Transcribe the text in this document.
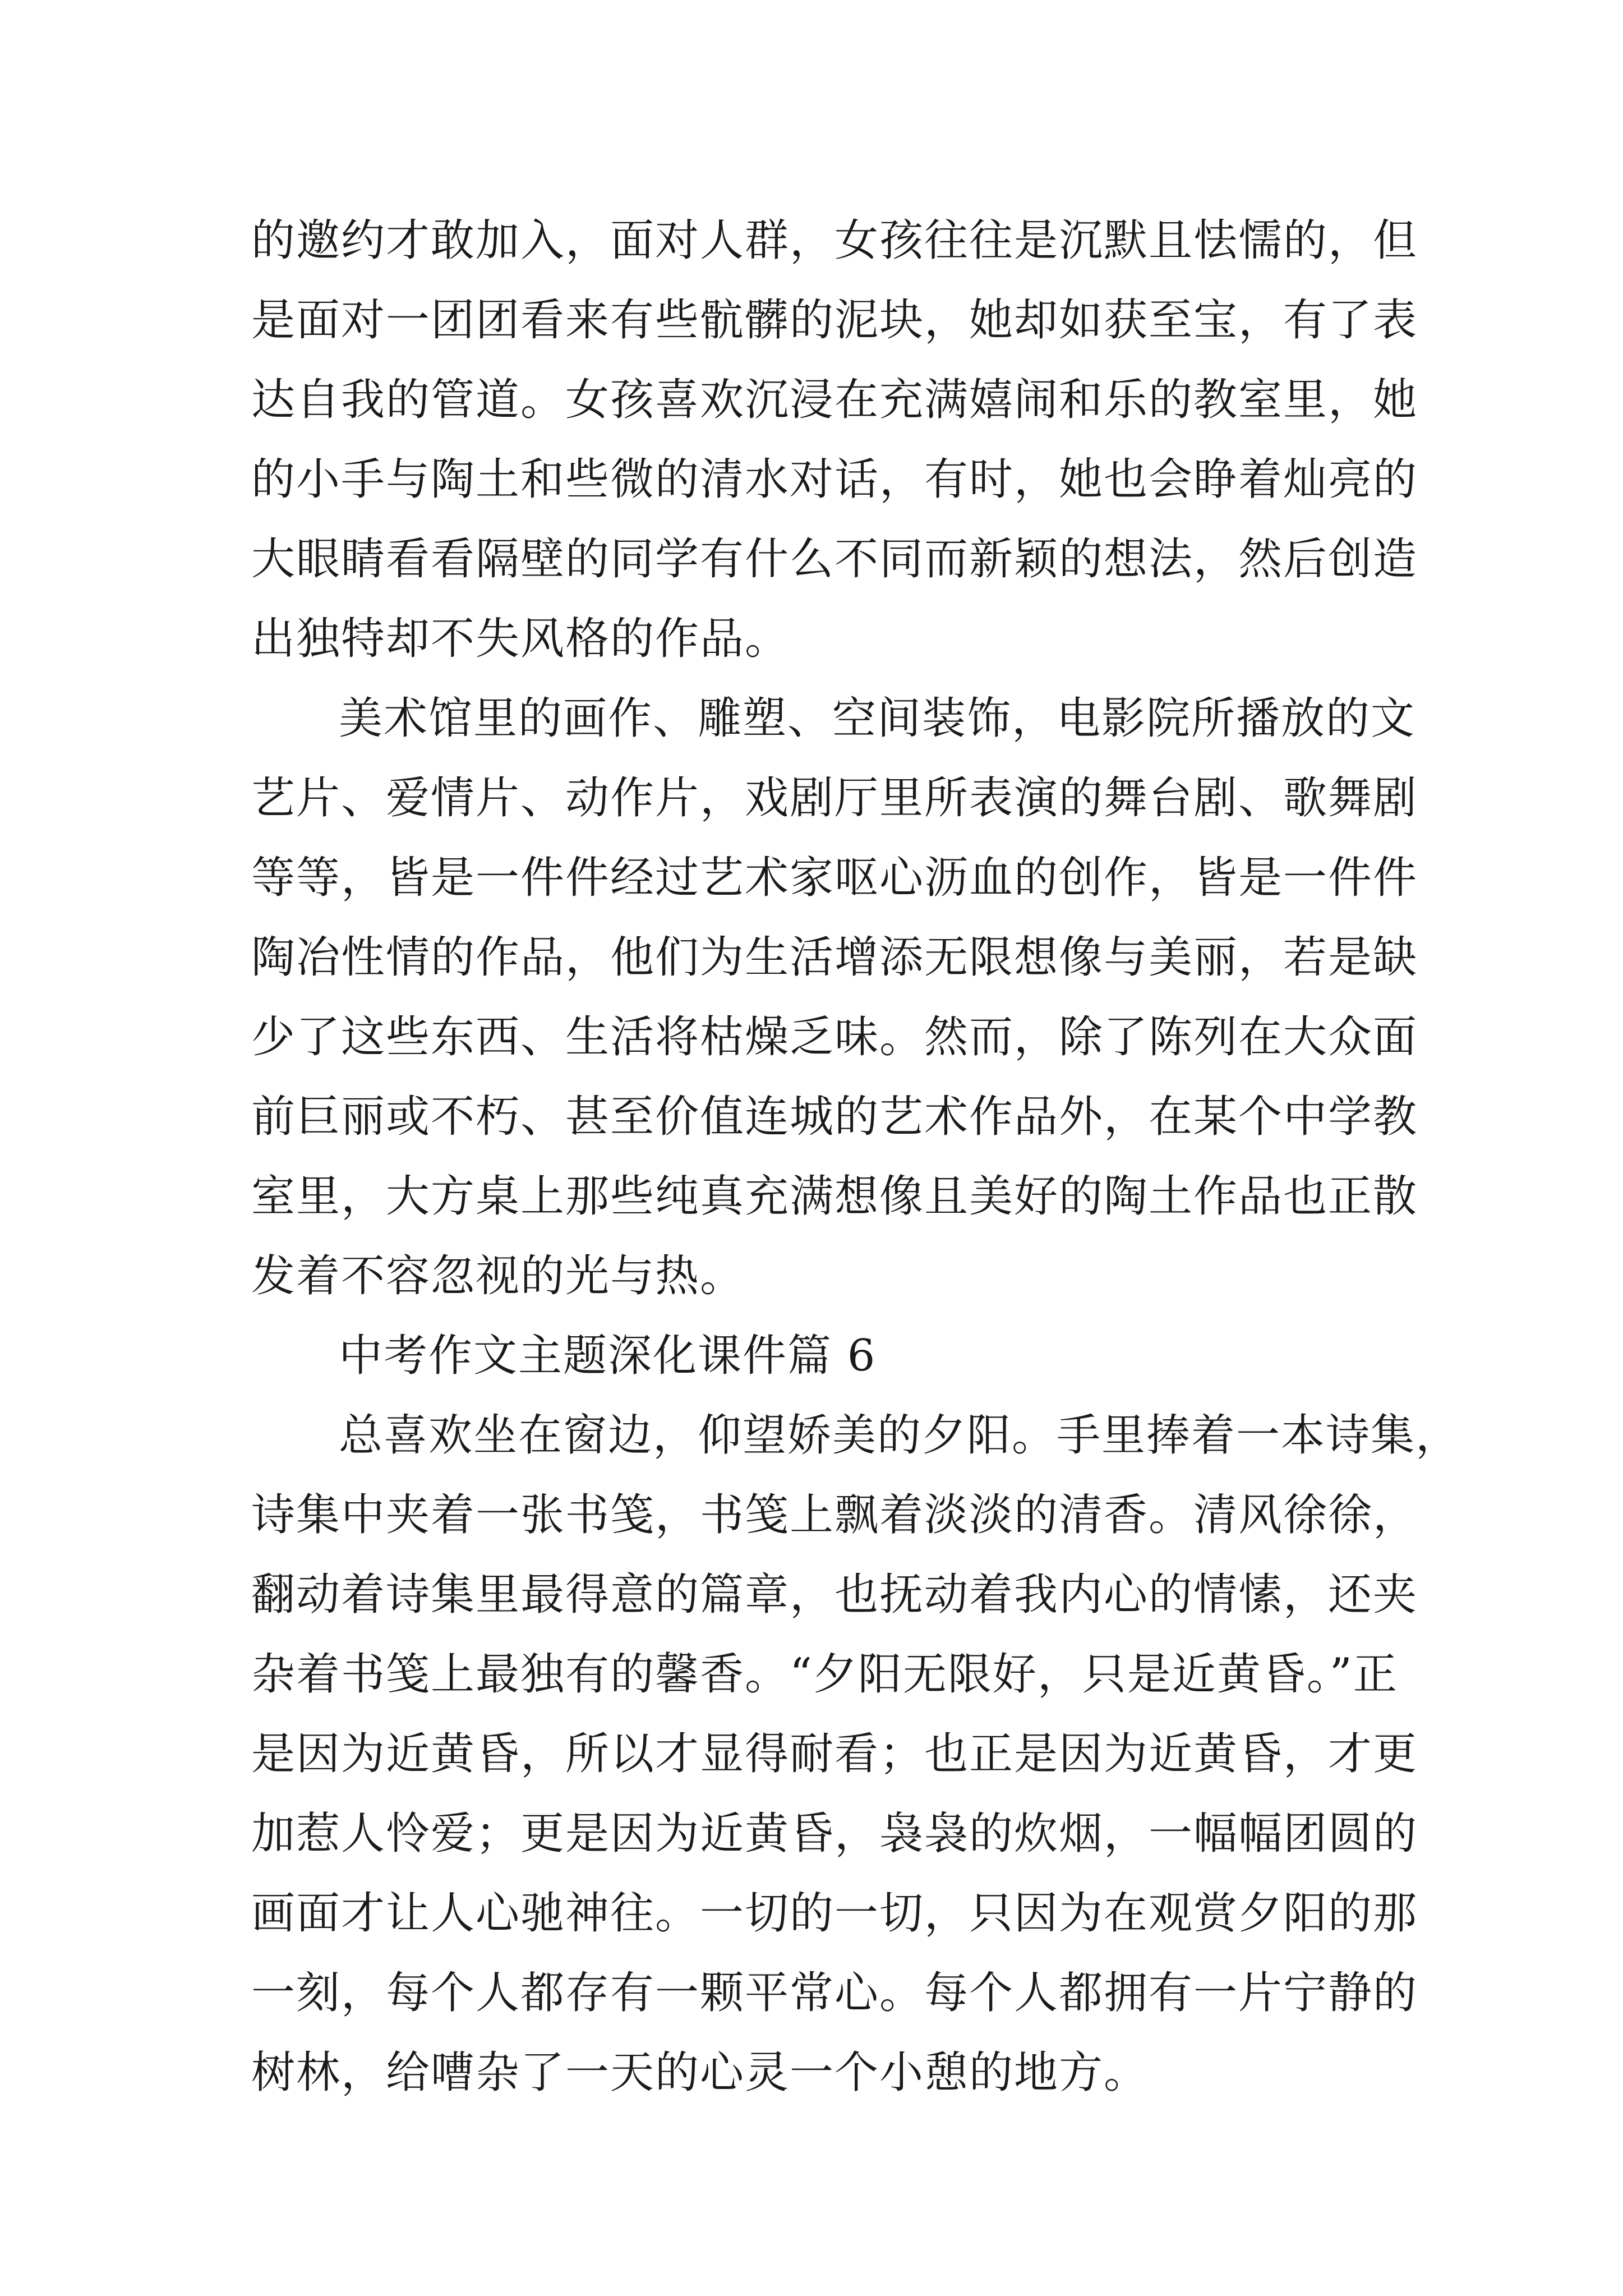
的邀约才敢加入，面对人群，女孩往往是沉默且怯懦的，但
是面对一团团看来有些骯髒的泥块，她却如获至宝，有了表
达自我的管道。女孩喜欢沉浸在充满嬉闹和乐的教室里，她
的小手与陶土和些微的清水对话，有时，她也会睁着灿亮的
大眼睛看看隔壁的同学有什么不同而新颖的想法，然后创造
出独特却不失风格的作品。
美术馆里的画作、雕塑、空间装饰，电影院所播放的文
艺片、爱情片、动作片，戏剧厅里所表演的舞台剧、歌舞剧
等等，皆是一件件经过艺术家呕心沥血的创作，皆是一件件
陶冶性情的作品，他们为生活增添无限想像与美丽，若是缺
少了这些东西、生活将枯燥乏味。然而，除了陈列在大众面
前巨丽或不朽、甚至价值连城的艺术作品外，在某个中学教
室里，大方桌上那些纯真充满想像且美好的陶土作品也正散
发着不容忽视的光与热。
中考作文主题深化课件篇 6
总喜欢坐在窗边，仰望娇美的夕阳。手里捧着一本诗集，
诗集中夹着一张书笺，书笺上飘着淡淡的清香。清风徐徐，
翻动着诗集里最得意的篇章，也抚动着我内心的情愫，还夹
杂着书笺上最独有的馨香。“夕阳无限好，只是近黄昏。”正
是因为近黄昏，所以才显得耐看；也正是因为近黄昏，才更
加惹人怜爱；更是因为近黄昏，袅袅的炊烟，一幅幅团圆的
画面才让人心驰神往。一切的一切，只因为在观赏夕阳的那
一刻，每个人都存有一颗平常心。每个人都拥有一片宁静的
树林，给嘈杂了一天的心灵一个小憩的地方。
